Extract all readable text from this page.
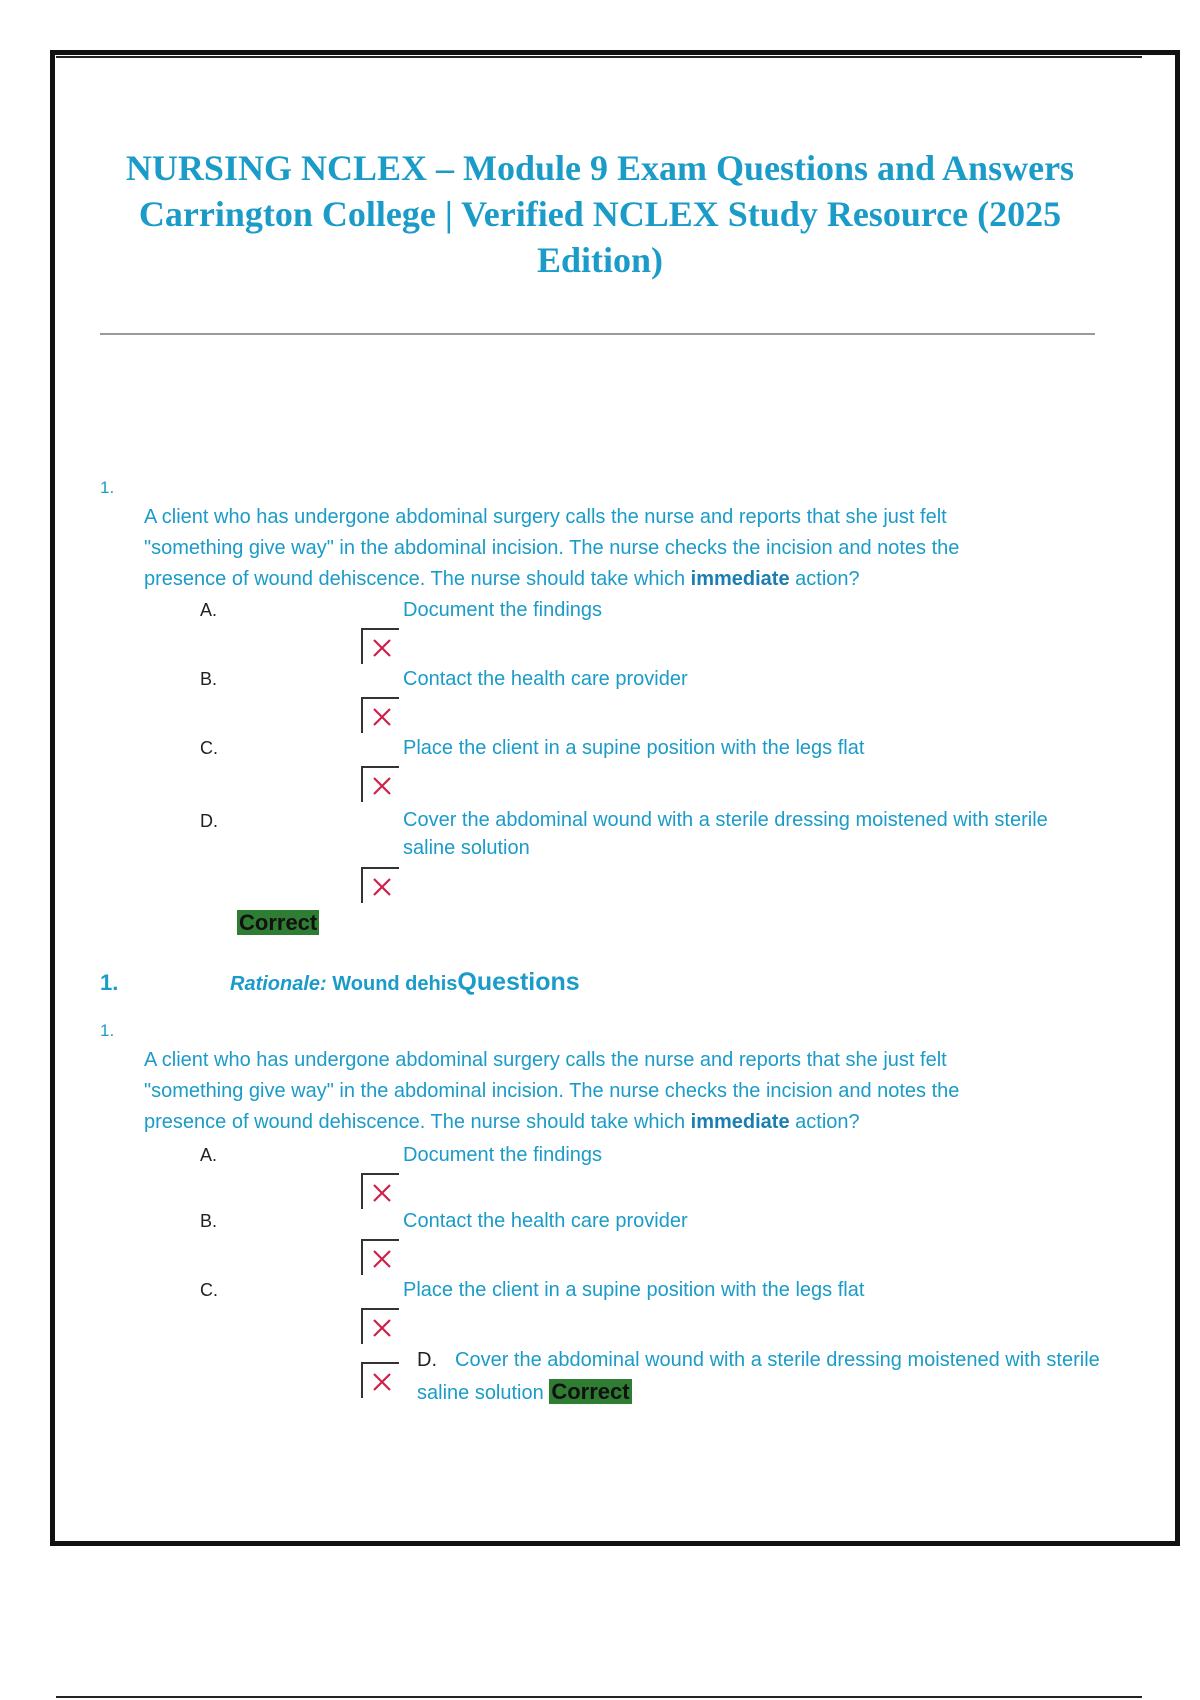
NURSING NCLEX – Module 9 Exam Questions and Answers Carrington College | Verified NCLEX Study Resource (2025 Edition)
1.
A client who has undergone abdominal surgery calls the nurse and reports that she just felt "something give way" in the abdominal incision. The nurse checks the incision and notes the presence of wound dehiscence. The nurse should take which immediate action?
A.	Document the findings
B.	Contact the health care provider
C.	Place the client in a supine position with the legs flat
D.	Cover the abdominal wound with a sterile dressing moistened with sterile saline solution
Correct
1.	Rationale: Wound dehisQuestions
1.
A client who has undergone abdominal surgery calls the nurse and reports that she just felt "something give way" in the abdominal incision. The nurse checks the incision and notes the presence of wound dehiscence. The nurse should take which immediate action?
A.	Document the findings
B.	Contact the health care provider
C.	Place the client in a supine position with the legs flat
D. Cover the abdominal wound with a sterile dressing moistened with sterile saline solution Correct
